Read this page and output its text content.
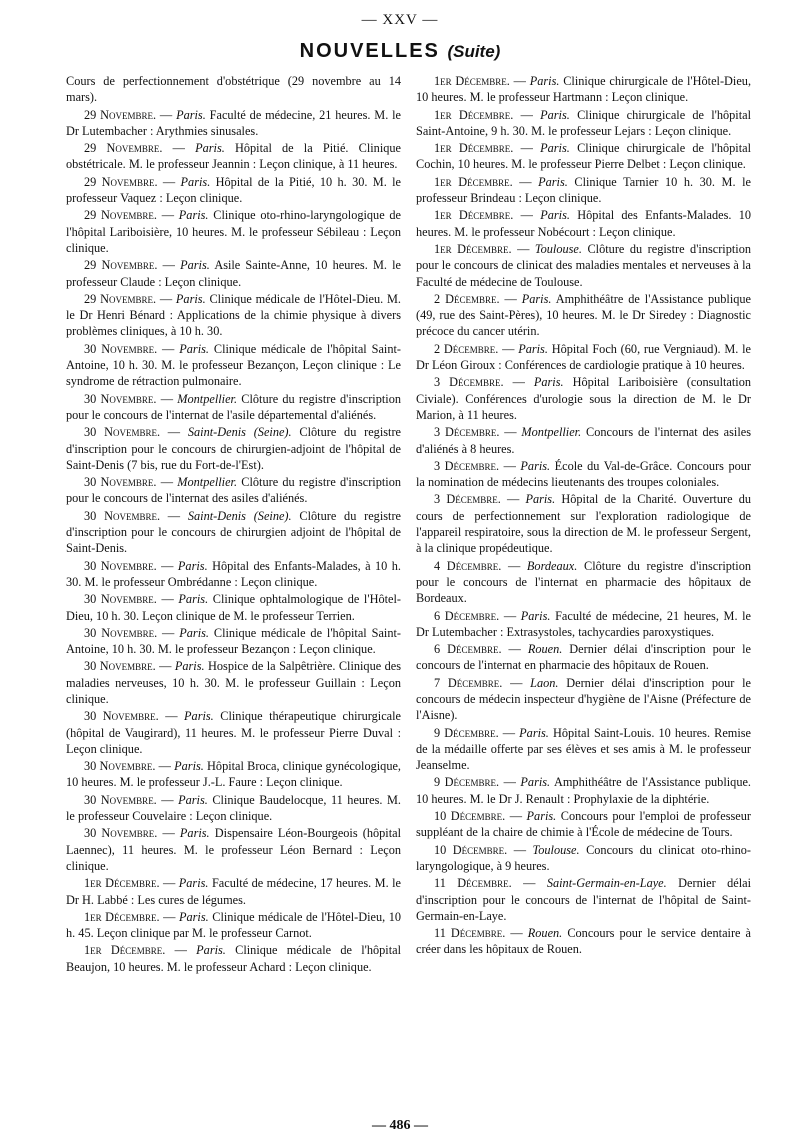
— XXV —
NOUVELLES (Suite)

Cours de perfectionnement d'obstétrique (29 novembre au 14 mars).

29 Novembre. — Paris. Faculté de médecine, 21 heures. M. le Dr Lutembacher : Arythmies sinusales.

29 Novembre. — Paris. Hôpital de la Pitié. Clinique obstétricale. M. le professeur Jeannin : Leçon clinique, à 11 heures.

29 Novembre. — Paris. Hôpital de la Pitié, 10 h. 30. M. le professeur Vaquez : Leçon clinique.

29 Novembre. — Paris. Clinique oto-rhino-laryngologique de l'hôpital Lariboisière, 10 heures. M. le professeur Sébileau : Leçon clinique.

29 Novembre. — Paris. Asile Sainte-Anne, 10 heures. M. le professeur Claude : Leçon clinique.

29 Novembre. — Paris. Clinique médicale de l'Hôtel-Dieu. M. le Dr Henri Bénard : Applications de la chimie physique à divers problèmes cliniques, à 10 h. 30.

30 Novembre. — Paris. Clinique médicale de l'hôpital Saint-Antoine, 10 h. 30. M. le professeur Bezançon, Leçon clinique : Le syndrome de rétraction pulmonaire.

30 Novembre. — Montpellier. Clôture du registre d'inscription pour le concours de l'internat de l'asile départemental d'aliénés.

30 Novembre. — Saint-Denis (Seine). Clôture du registre d'inscription pour le concours de chirurgien-adjoint de l'hôpital de Saint-Denis (7 bis, rue du Fort-de-l'Est).

30 Novembre. — Montpellier. Clôture du registre d'inscription pour le concours de l'internat des asiles d'aliénés.

30 Novembre. — Saint-Denis (Seine). Clôture du registre d'inscription pour le concours de chirurgien adjoint de l'hôpital de Saint-Denis.

30 Novembre. — Paris. Hôpital des Enfants-Malades, à 10 h. 30. M. le professeur Ombrédanne : Leçon clinique.

30 Novembre. — Paris. Clinique ophtalmologique de l'Hôtel-Dieu, 10 h. 30. Leçon clinique de M. le professeur Terrien.

30 Novembre. — Paris. Clinique médicale de l'hôpital Saint-Antoine, 10 h. 30. M. le professeur Bezançon : Leçon clinique.

30 Novembre. — Paris. Hospice de la Salpêtrière. Clinique des maladies nerveuses, 10 h. 30. M. le professeur Guillain : Leçon clinique.

30 Novembre. — Paris. Clinique thérapeutique chirurgicale (hôpital de Vaugirard), 11 heures. M. le professeur Pierre Duval : Leçon clinique.

30 Novembre. — Paris. Hôpital Broca, clinique gynécologique, 10 heures. M. le professeur J.-L. Faure : Leçon clinique.

30 Novembre. — Paris. Clinique Baudelocque, 11 heures. M. le professeur Couvelaire : Leçon clinique.

30 Novembre. — Paris. Dispensaire Léon-Bourgeois (hôpital Laennec), 11 heures. M. le professeur Léon Bernard : Leçon clinique.

1er Décembre. — Paris. Faculté de médecine, 17 heures. M. le Dr H. Labbé : Les cures de légumes.

1er Décembre. — Paris. Clinique médicale de l'Hôtel-Dieu, 10 h. 45. Leçon clinique par M. le professeur Carnot.

1er Décembre. — Paris. Clinique médicale de l'hôpital Beaujon, 10 heures. M. le professeur Achard : Leçon clinique.

1er Décembre. — Paris. Clinique chirurgicale de l'Hôtel-Dieu, 10 heures. M. le professeur Hartmann : Leçon clinique.

1er Décembre. — Paris. Clinique chirurgicale de l'hôpital Saint-Antoine, 9 h. 30. M. le professeur Lejars : Leçon clinique.

1er Décembre. — Paris. Clinique chirurgicale de l'hôpital Cochin, 10 heures. M. le professeur Pierre Delbet : Leçon clinique.

1er Décembre. — Paris. Clinique Tarnier 10 h. 30. M. le professeur Brindeau : Leçon clinique.

1er Décembre. — Paris. Hôpital des Enfants-Malades. 10 heures. M. le professeur Nobécourt : Leçon clinique.

1er Décembre. — Toulouse. Clôture du registre d'inscription pour le concours de clinicat des maladies mentales et nerveuses à la Faculté de médecine de Toulouse.

2 Décembre. — Paris. Amphithéâtre de l'Assistance publique (49, rue des Saint-Pères), 10 heures. M. le Dr Siredey : Diagnostic précoce du cancer utérin.

2 Décembre. — Paris. Hôpital Foch (60, rue Vergniaud). M. le Dr Léon Giroux : Conférences de cardiologie pratique à 10 heures.

3 Décembre. — Paris. Hôpital Lariboisière (consultation Civiale). Conférences d'urologie sous la direction de M. le Dr Marion, à 11 heures.

3 Décembre. — Montpellier. Concours de l'internat des asiles d'aliénés à 8 heures.

3 Décembre. — Paris. École du Val-de-Grâce. Concours pour la nomination de médecins lieutenants des troupes coloniales.

3 Décembre. — Paris. Hôpital de la Charité. Ouverture du cours de perfectionnement sur l'exploration radiologique de l'appareil respiratoire, sous la direction de M. le professeur Sergent, à la clinique propédeutique.

4 Décembre. — Bordeaux. Clôture du registre d'inscription pour le concours de l'internat en pharmacie des hôpitaux de Bordeaux.

6 Décembre. — Paris. Faculté de médecine, 21 heures, M. le Dr Lutembacher : Extrasystoles, tachycardies paroxystiques.

6 Décembre. — Rouen. Dernier délai d'inscription pour le concours de l'internat en pharmacie des hôpitaux de Rouen.

7 Décembre. — Laon. Dernier délai d'inscription pour le concours de médecin inspecteur d'hygiène de l'Aisne (Préfecture de l'Aisne).

9 Décembre. — Paris. Hôpital Saint-Louis. 10 heures. Remise de la médaille offerte par ses élèves et ses amis à M. le professeur Jeanselme.

9 Décembre. — Paris. Amphithéâtre de l'Assistance publique. 10 heures. M. le Dr J. Renault : Prophylaxie de la diphtérie.

10 Décembre. — Paris. Concours pour l'emploi de professeur suppléant de la chaire de chimie à l'École de médecine de Tours.

10 Décembre. — Toulouse. Concours du clinicat oto-rhino-laryngologique, à 9 heures.

11 Décembre. — Saint-Germain-en-Laye. Dernier délai d'inscription pour le concours de l'internat de l'hôpital de Saint-Germain-en-Laye.

11 Décembre. — Rouen. Concours pour le service dentaire à créer dans les hôpitaux de Rouen.

— 486 —
